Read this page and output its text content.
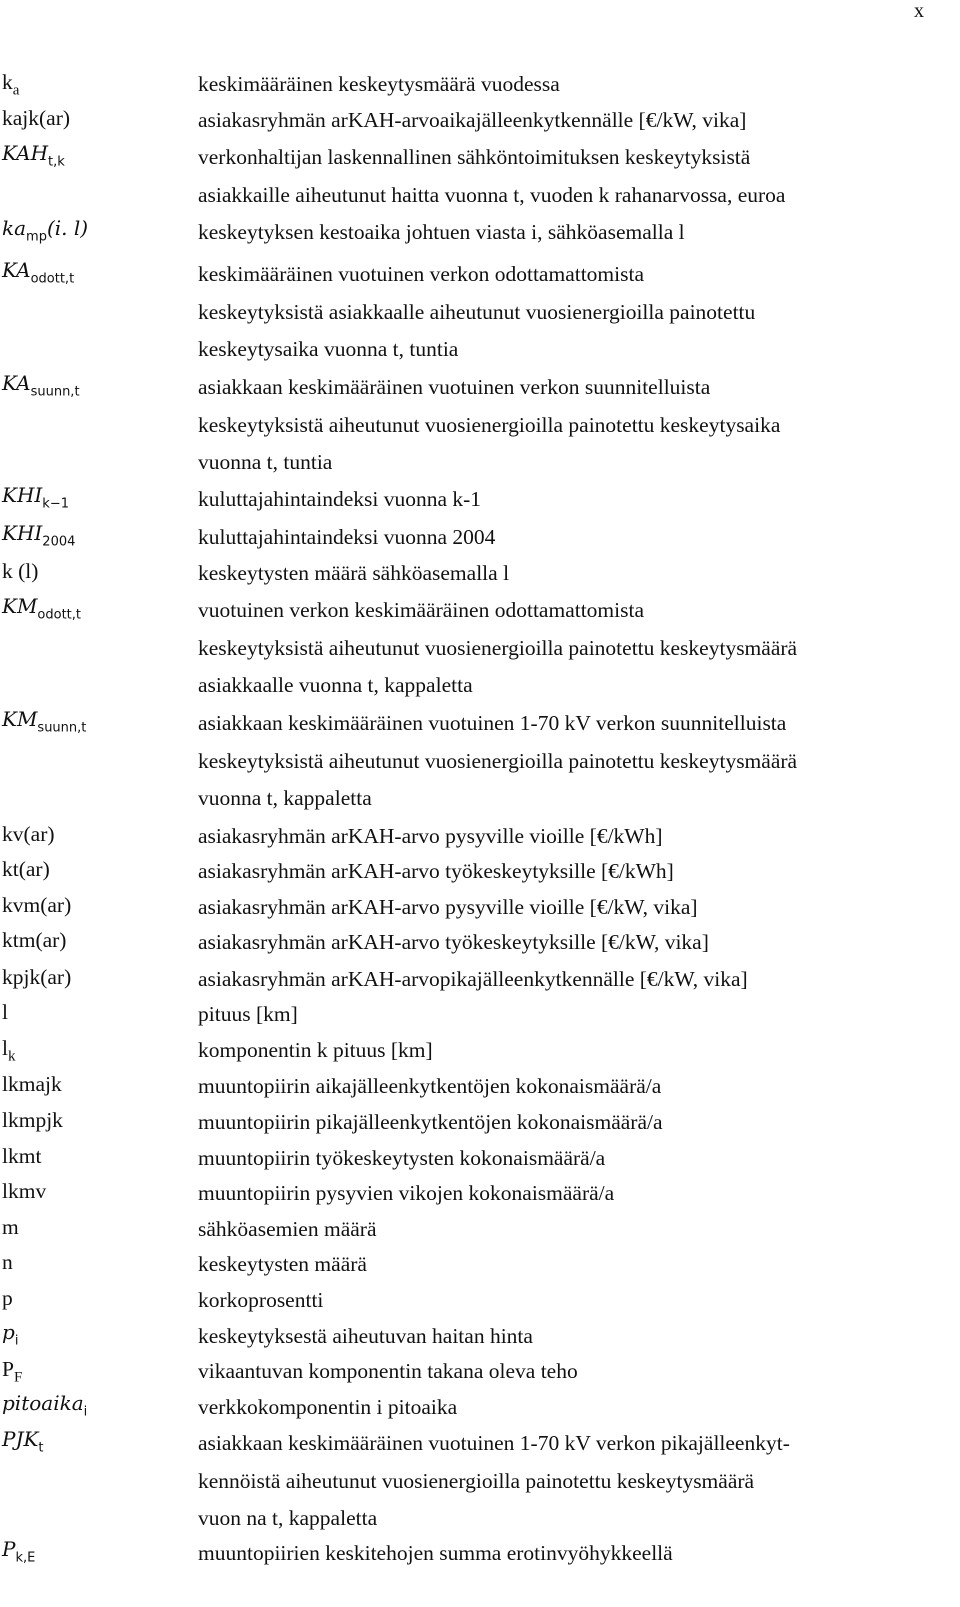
x
$k_a$	keskimääräinen keskeytysmäärä vuodessa
kajk(ar)	asiakasryhmän arKAH-arvoaikajälleenkytkennälle [€/kW, vika]
$KAH_{t,k}$	verkonhaltijan laskennallinen sähköntoimituksen keskeytyksistä
asiakkaille aiheutunut haitta vuonna t, vuoden k rahanarvossa, euroa
$ka_{mp}(i$. l)	keskeytyksen kestoaika johtuen viasta i, sähköasemalla l
$KA_{odott,t}$	keskimääräinen vuotuinen verkon odottamattomista
keskeytyksistä asiakkaalle aiheutunut vuosienergioilla painotettu
keskeytysaika vuonna t, tuntia
$KA_{suunn,t}$	asiakkaan keskimääräinen vuotuinen verkon suunnitelluista
keskeytyksistä aiheutunut vuosienergioilla painotettu keskeytysaika
vuonna t, tuntia
$KHI_{k-1}$	kuluttajahintaindeksi vuonna k-1
$KHI_{2004}$	kuluttajahintaindeksi vuonna 2004
k (l)	keskeytysten määrä sähköasemalla l
$KM_{odott,t}$	vuotuinen verkon keskimääräinen odottamattomista
keskeytyksistä aiheutunut vuosienergioilla painotettu keskeytysmäärä
asiakkaalle vuonna t, kappaletta
$KM_{suunn,t}$	asiakkaan keskimääräinen vuotuinen 1-70 kV verkon suunnitelluista
keskeytyksistä aiheutunut vuosienergioilla painotettu keskeytysmäärä
vuonna t, kappaletta
kv(ar)	asiakasryhmän arKAH-arvo pysyville vioille [€/kWh]
kt(ar)	asiakasryhmän arKAH-arvo työkeskeytyksille [€/kWh]
kvm(ar)	asiakasryhmän arKAH-arvo pysyville vioille [€/kW, vika]
ktm(ar)	asiakasryhmän arKAH-arvo työkeskeytyksille [€/kW, vika]
kpjk(ar)	asiakasryhmän arKAH-arvopikajälleenkytkennälle [€/kW, vika]
l	pituus [km]
$l_k$	komponentin k pituus [km]
lkmajk	muuntopiirin aikajälleenkytkentöjen kokonaismäärä/a
lkmpjk	muuntopiirin pikajälleenkytkentöjen kokonaismäärä/a
lkmt	muuntopiirin työkeskeytysten kokonaismäärä/a
lkmv	muuntopiirin pysyvien vikojen kokonaismäärä/a
m	sähköasemien määrä
n	keskeytysten määrä
p	korkoprosentti
$p_i$	keskeytyksestä aiheutuvan haitan hinta
$P_F$	vikaantuvan komponentin takana oleva teho
pitoaika$_i$	verkkokomponentin i pitoaika
$PJK_t$	asiakkaan keskimääräinen vuotuinen 1-70 kV verkon pikajälleenkyt-
kennöistä aiheutunut vuosienergioilla painotettu keskeytysmäärä
vuon na t, kappaletta
$P_{k,E}$	muuntopiirien keskitehojen summa erotinvyöhykkeellä
